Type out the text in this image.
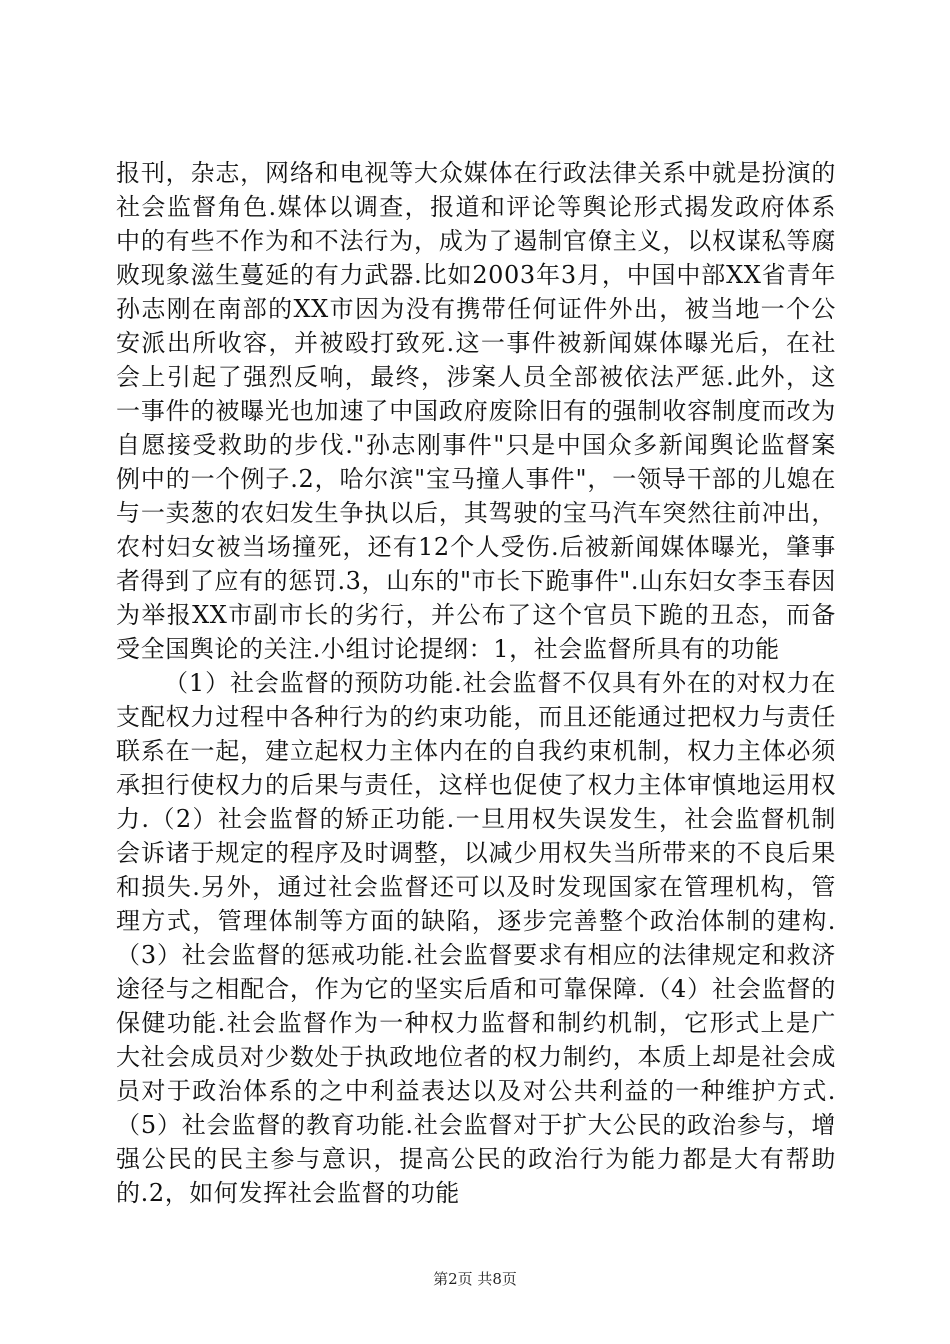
报刊，杂志，网络和电视等大众媒体在行政法律关系中就是扮演的社会监督角色.媒体以调查，报道和评论等舆论形式揭发政府体系中的有些不作为和不法行为，成为了遏制官僚主义，以权谋私等腐败现象滋生蔓延的有力武器.比如2003年3月，中国中部XX省青年孙志刚在南部的XX市因为没有携带任何证件外出，被当地一个公安派出所收容，并被殴打致死.这一事件被新闻媒体曝光后，在社会上引起了强烈反响，最终，涉案人员全部被依法严惩.此外，这一事件的被曝光也加速了中国政府废除旧有的强制收容制度而改为自愿接受救助的步伐."孙志刚事件"只是中国众多新闻舆论监督案例中的一个例子.2，哈尔滨"宝马撞人事件"，一领导干部的儿媳在与一卖葱的农妇发生争执以后，其驾驶的宝马汽车突然往前冲出，农村妇女被当场撞死，还有12个人受伤.后被新闻媒体曝光，肇事者得到了应有的惩罚.3，山东的"市长下跪事件".山东妇女李玉春因为举报XX市副市长的劣行，并公布了这个官员下跪的丑态，而备受全国舆论的关注.小组讨论提纲：1，社会监督所具有的功能

（1）社会监督的预防功能.社会监督不仅具有外在的对权力在支配权力过程中各种行为的约束功能，而且还能通过把权力与责任联系在一起，建立起权力主体内在的自我约束机制，权力主体必须承担行使权力的后果与责任，这样也促使了权力主体审慎地运用权力.（2）社会监督的矫正功能.一旦用权失误发生，社会监督机制会诉诸于规定的程序及时调整，以减少用权失当所带来的不良后果和损失.另外，通过社会监督还可以及时发现国家在管理机构，管理方式，管理体制等方面的缺陷，逐步完善整个政治体制的建构.（3）社会监督的惩戒功能.社会监督要求有相应的法律规定和救济途径与之相配合，作为它的坚实后盾和可靠保障.（4）社会监督的保健功能.社会监督作为一种权力监督和制约机制，它形式上是广大社会成员对少数处于执政地位者的权力制约，本质上却是社会成员对于政治体系的之中利益表达以及对公共利益的一种维护方式.（5）社会监督的教育功能.社会监督对于扩大公民的政治参与，增强公民的民主参与意识，提高公民的政治行为能力都是大有帮助的.2，如何发挥社会监督的功能

第2页 共8页
